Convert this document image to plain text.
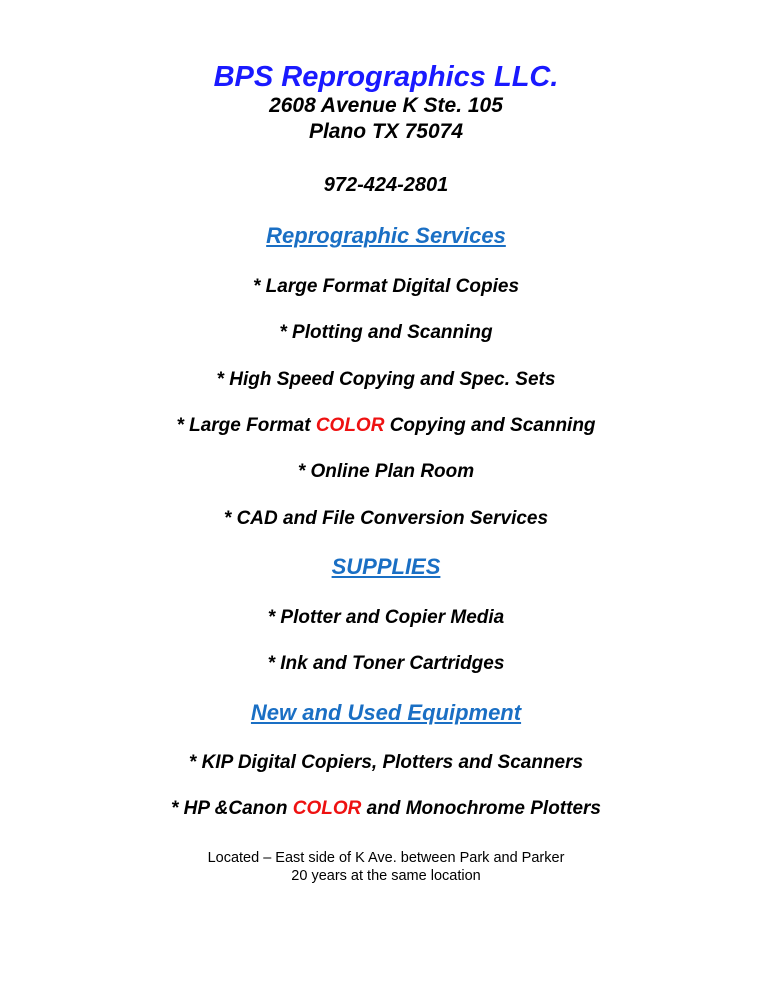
BPS Reprographics LLC.
2608 Avenue K Ste. 105
Plano TX 75074
972-424-2801
Reprographic Services
* Large Format Digital Copies
* Plotting and Scanning
* High Speed Copying and Spec. Sets
* Large Format COLOR Copying and Scanning
* Online Plan Room
* CAD and File Conversion Services
SUPPLIES
* Plotter and Copier Media
* Ink and Toner Cartridges
New and Used Equipment
* KIP Digital Copiers, Plotters and Scanners
* HP &Canon COLOR and Monochrome Plotters
Located – East side of K Ave. between Park and Parker
20 years at the same location
